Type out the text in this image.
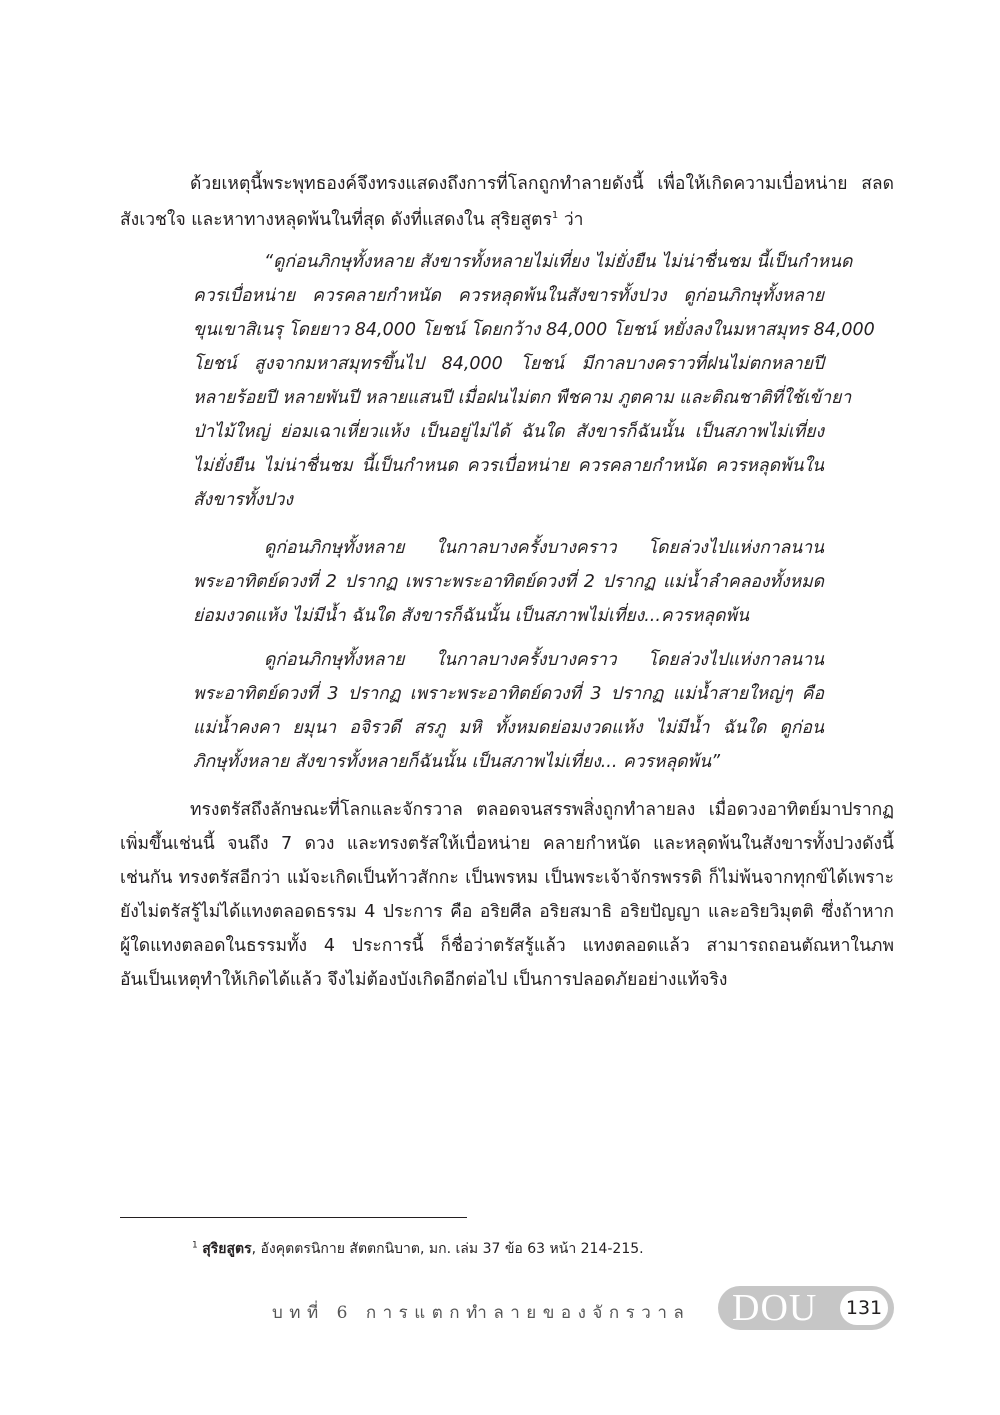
ด้วยเหตุนี้พระพุทธองค์จึงทรงแสดงถึงการที่โลกถูกทำลายดังนี้ เพื่อให้เกิดความเบื่อหน่าย สลด
สังเวชใจ และหาทางหลุดพ้นในที่สุด ดังที่แสดงใน สุริยสูตร$^1$ ว่า
“ดูก่อนภิกษุทั้งหลาย สังขารทั้งหลายไม่เที่ยง ไม่ยั่งยืน ไม่น่าชื่นชม นี้เป็นกำหนด
ควรเบื่อหน่าย ควรคลายกำหนัด ควรหลุดพ้นในสังขารทั้งปวง ดูก่อนภิกษุทั้งหลาย
ขุนเขาสิเนรุ โดยยาว 84,000 โยชน์ โดยกว้าง 84,000 โยชน์ หยั่งลงในมหาสมุทร 84,000
โยชน์ สูงจากมหาสมุทรขึ้นไป 84,000 โยชน์ มีกาลบางคราวที่ฝนไม่ตกหลายปี
หลายร้อยปี หลายพันปี หลายแสนปี เมื่อฝนไม่ตก พืชคาม ภูตคาม และติณชาติที่ใช้เข้ายา
ป่าไม้ใหญ่ ย่อมเฉาเหี่ยวแห้ง เป็นอยู่ไม่ได้ ฉันใด สังขารก็ฉันนั้น เป็นสภาพไม่เที่ยง
ไม่ยั่งยืน ไม่น่าชื่นชม นี้เป็นกำหนด ควรเบื่อหน่าย ควรคลายกำหนัด ควรหลุดพ้นใน
สังขารทั้งปวง
ดูก่อนภิกษุทั้งหลาย ในกาลบางครั้งบางคราว โดยล่วงไปแห่งกาลนาน
พระอาทิตย์ดวงที่ 2 ปรากฏ เพราะพระอาทิตย์ดวงที่ 2 ปรากฏ แม่น้ำลำคลองทั้งหมด
ย่อมงวดแห้ง ไม่มีน้ำ ฉันใด สังขารก็ฉันนั้น เป็นสภาพไม่เที่ยง...ควรหลุดพ้น
ดูก่อนภิกษุทั้งหลาย ในกาลบางครั้งบางคราว โดยล่วงไปแห่งกาลนาน
พระอาทิตย์ดวงที่ 3 ปรากฏ เพราะพระอาทิตย์ดวงที่ 3 ปรากฏ แม่น้ำสายใหญ่ๆ คือ
แม่น้ำคงคา ยมุนา อจิรวดี สรภู มหิ ทั้งหมดย่อมงวดแห้ง ไม่มีน้ำ ฉันใด ดูก่อน
ภิกษุทั้งหลาย สังขารทั้งหลายก็ฉันนั้น เป็นสภาพไม่เที่ยง... ควรหลุดพ้น”
ทรงตรัสถึงลักษณะที่โลกและจักรวาล ตลอดจนสรรพสิ่งถูกทำลายลง เมื่อดวงอาทิตย์มาปรากฏ
เพิ่มขึ้นเช่นนี้ จนถึง 7 ดวง และทรงตรัสให้เบื่อหน่าย คลายกำหนัด และหลุดพ้นในสังขารทั้งปวงดังนี้
เช่นกัน ทรงตรัสอีกว่า แม้จะเกิดเป็นท้าวสักกะ เป็นพรหม เป็นพระเจ้าจักรพรรดิ ก็ไม่พ้นจากทุกข์ได้เพราะ
ยังไม่ตรัสรู้ไม่ได้แทงตลอดธรรม 4 ประการ คือ อริยศีล อริยสมาธิ อริยปัญญา และอริยวิมุตติ ซึ่งถ้าหาก
ผู้ใดแทงตลอดในธรรมทั้ง 4 ประการนี้ ก็ชื่อว่าตรัสรู้แล้ว แทงตลอดแล้ว สามารถถอนตัณหาในภพ
อันเป็นเหตุทำให้เกิดได้แล้ว จึงไม่ต้องบังเกิดอีกต่อไป เป็นการปลอดภัยอย่างแท้จริง
$^1$ สุริยสูตร, อังคุตตรนิกาย สัตตกนิบาต, มก. เล่ม 37 ข้อ 63 หน้า 214-215.
บทที่ 6 การแตกทำลายของจักรวาล DOU	131
